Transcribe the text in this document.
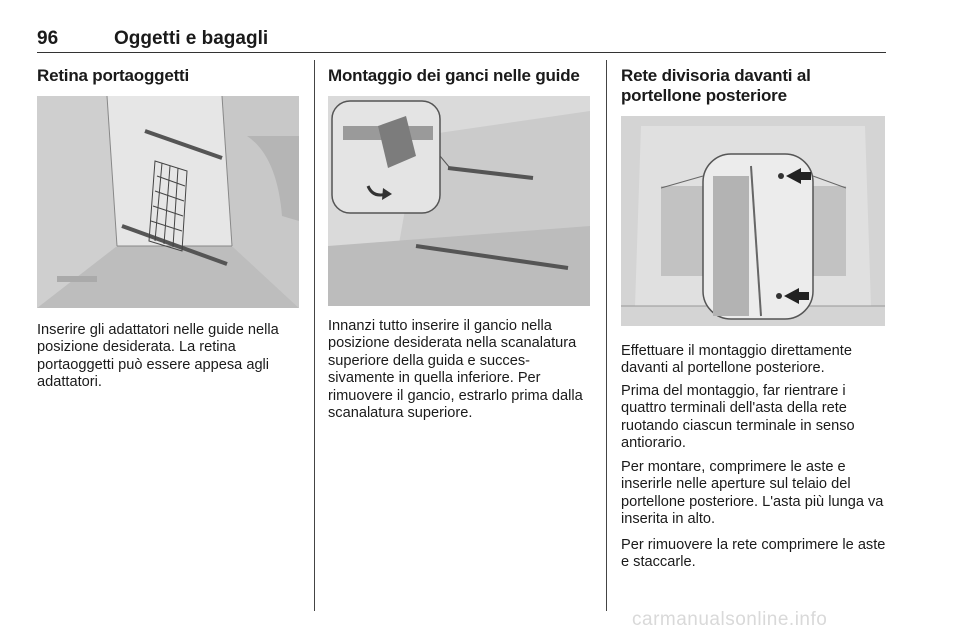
96	Oggetti e bagagli
Retina portaoggetti

Inserire gli adattatori nelle guide nella posizione desiderata. La retina portaoggetti può essere appesa agli adattatori.

Montaggio dei ganci nelle guide

Innanzi tutto inserire il gancio nella posizione desiderata nella scanalatura superiore della guida e successivamente in quella inferiore. Per rimuovere il gancio, estrarlo prima dalla scanalatura superiore.

Rete divisoria davanti al
portellone posteriore

Effettuare il montaggio direttamente davanti al portellone posteriore.

Prima del montaggio, far rientrare i quattro terminali dell'asta della rete ruotando ciascun terminale in senso antiorario.

Per montare, comprimere le aste e inserirle nelle aperture sul telaio del portellone posteriore. L'asta più lunga va inserita in alto.

Per rimuovere la rete comprimere le aste e staccarle.

carmanualsonline.info
